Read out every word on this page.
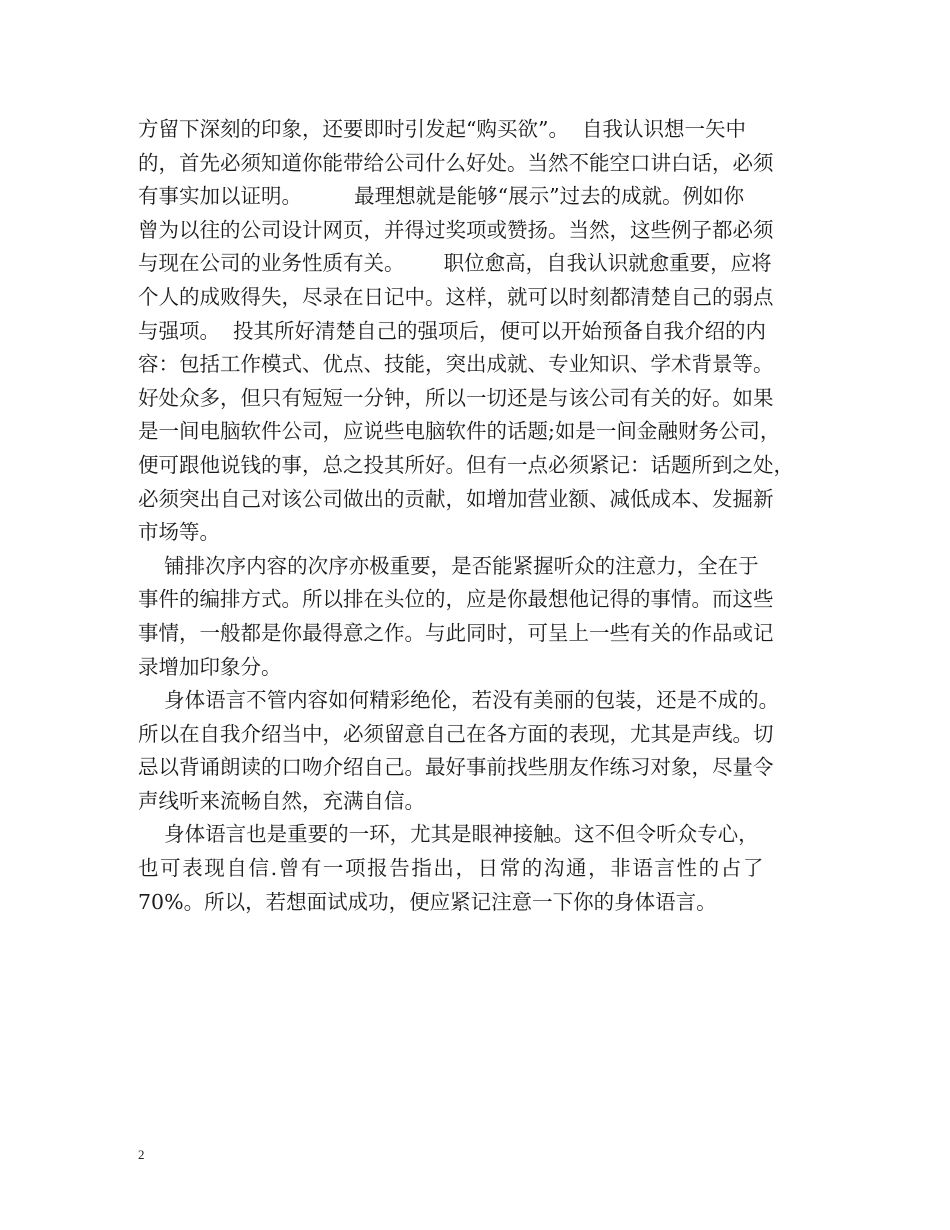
方留下深刻的印象，还要即时引发起“购买欲”。  自我认识想一矢中
的，首先必须知道你能带给公司什么好处。当然不能空口讲白话，必须
有事实加以证明。        最理想就是能够“展示”过去的成就。例如你
曾为以往的公司设计网页，并得过奖项或赞扬。当然，这些例子都必须
与现在公司的业务性质有关。      职位愈高，自我认识就愈重要，应将
个人的成败得失，尽录在日记中。这样，就可以时刻都清楚自己的弱点
与强项。  投其所好清楚自己的强项后，便可以开始预备自我介绍的内
容：包括工作模式、优点、技能，突出成就、专业知识、学术背景等。
好处众多，但只有短短一分钟，所以一切还是与该公司有关的好。如果
是一间电脑软件公司，应说些电脑软件的话题;如是一间金融财务公司，
便可跟他说钱的事，总之投其所好。但有一点必须紧记：话题所到之处，
必须突出自己对该公司做出的贡献，如增加营业额、减低成本、发掘新
市场等。
铺排次序内容的次序亦极重要，是否能紧握听众的注意力，全在于
事件的编排方式。所以排在头位的，应是你最想他记得的事情。而这些
事情，一般都是你最得意之作。与此同时，可呈上一些有关的作品或记
录增加印象分。
身体语言不管内容如何精彩绝伦，若没有美丽的包装，还是不成的。
所以在自我介绍当中，必须留意自己在各方面的表现，尤其是声线。切
忌以背诵朗读的口吻介绍自己。最好事前找些朋友作练习对象，尽量令
声线听来流畅自然，充满自信。
身体语言也是重要的一环，尤其是眼神接触。这不但令听众专心，
也可表现自信.曾有一项报告指出，日常的沟通，非语言性的占了
70%。所以，若想面试成功，便应紧记注意一下你的身体语言。
2
